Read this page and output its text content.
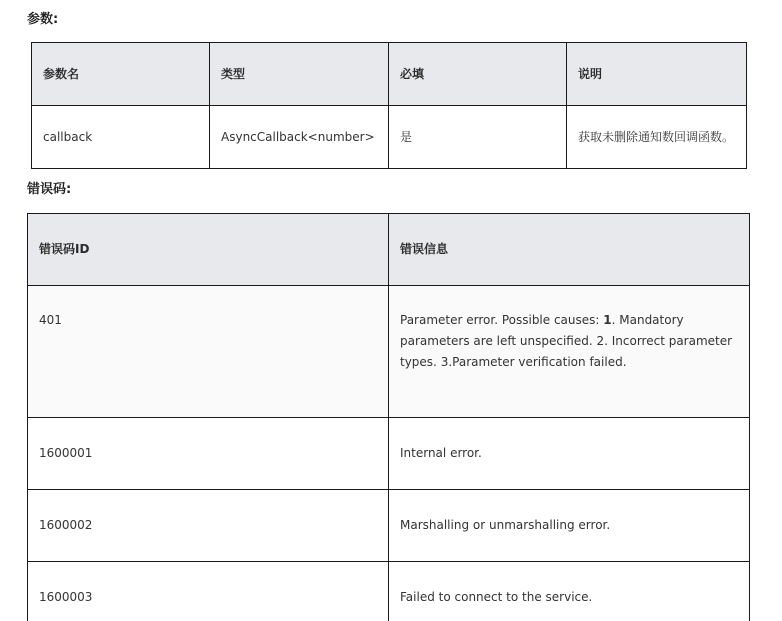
参数:
参数名	类型	必填	说明
callback	AsyncCallback<number>	是	获取未删除通知数回调函数。
错误码:
错误码ID	错误信息
401	Parameter error. Possible causes: 1. Mandatory parameters are left unspecified. 2. Incorrect parameter types. 3.Parameter verification failed.

1600001	Internal error.
1600002	Marshalling or unmarshalling error.
1600003	Failed to connect to the service.
